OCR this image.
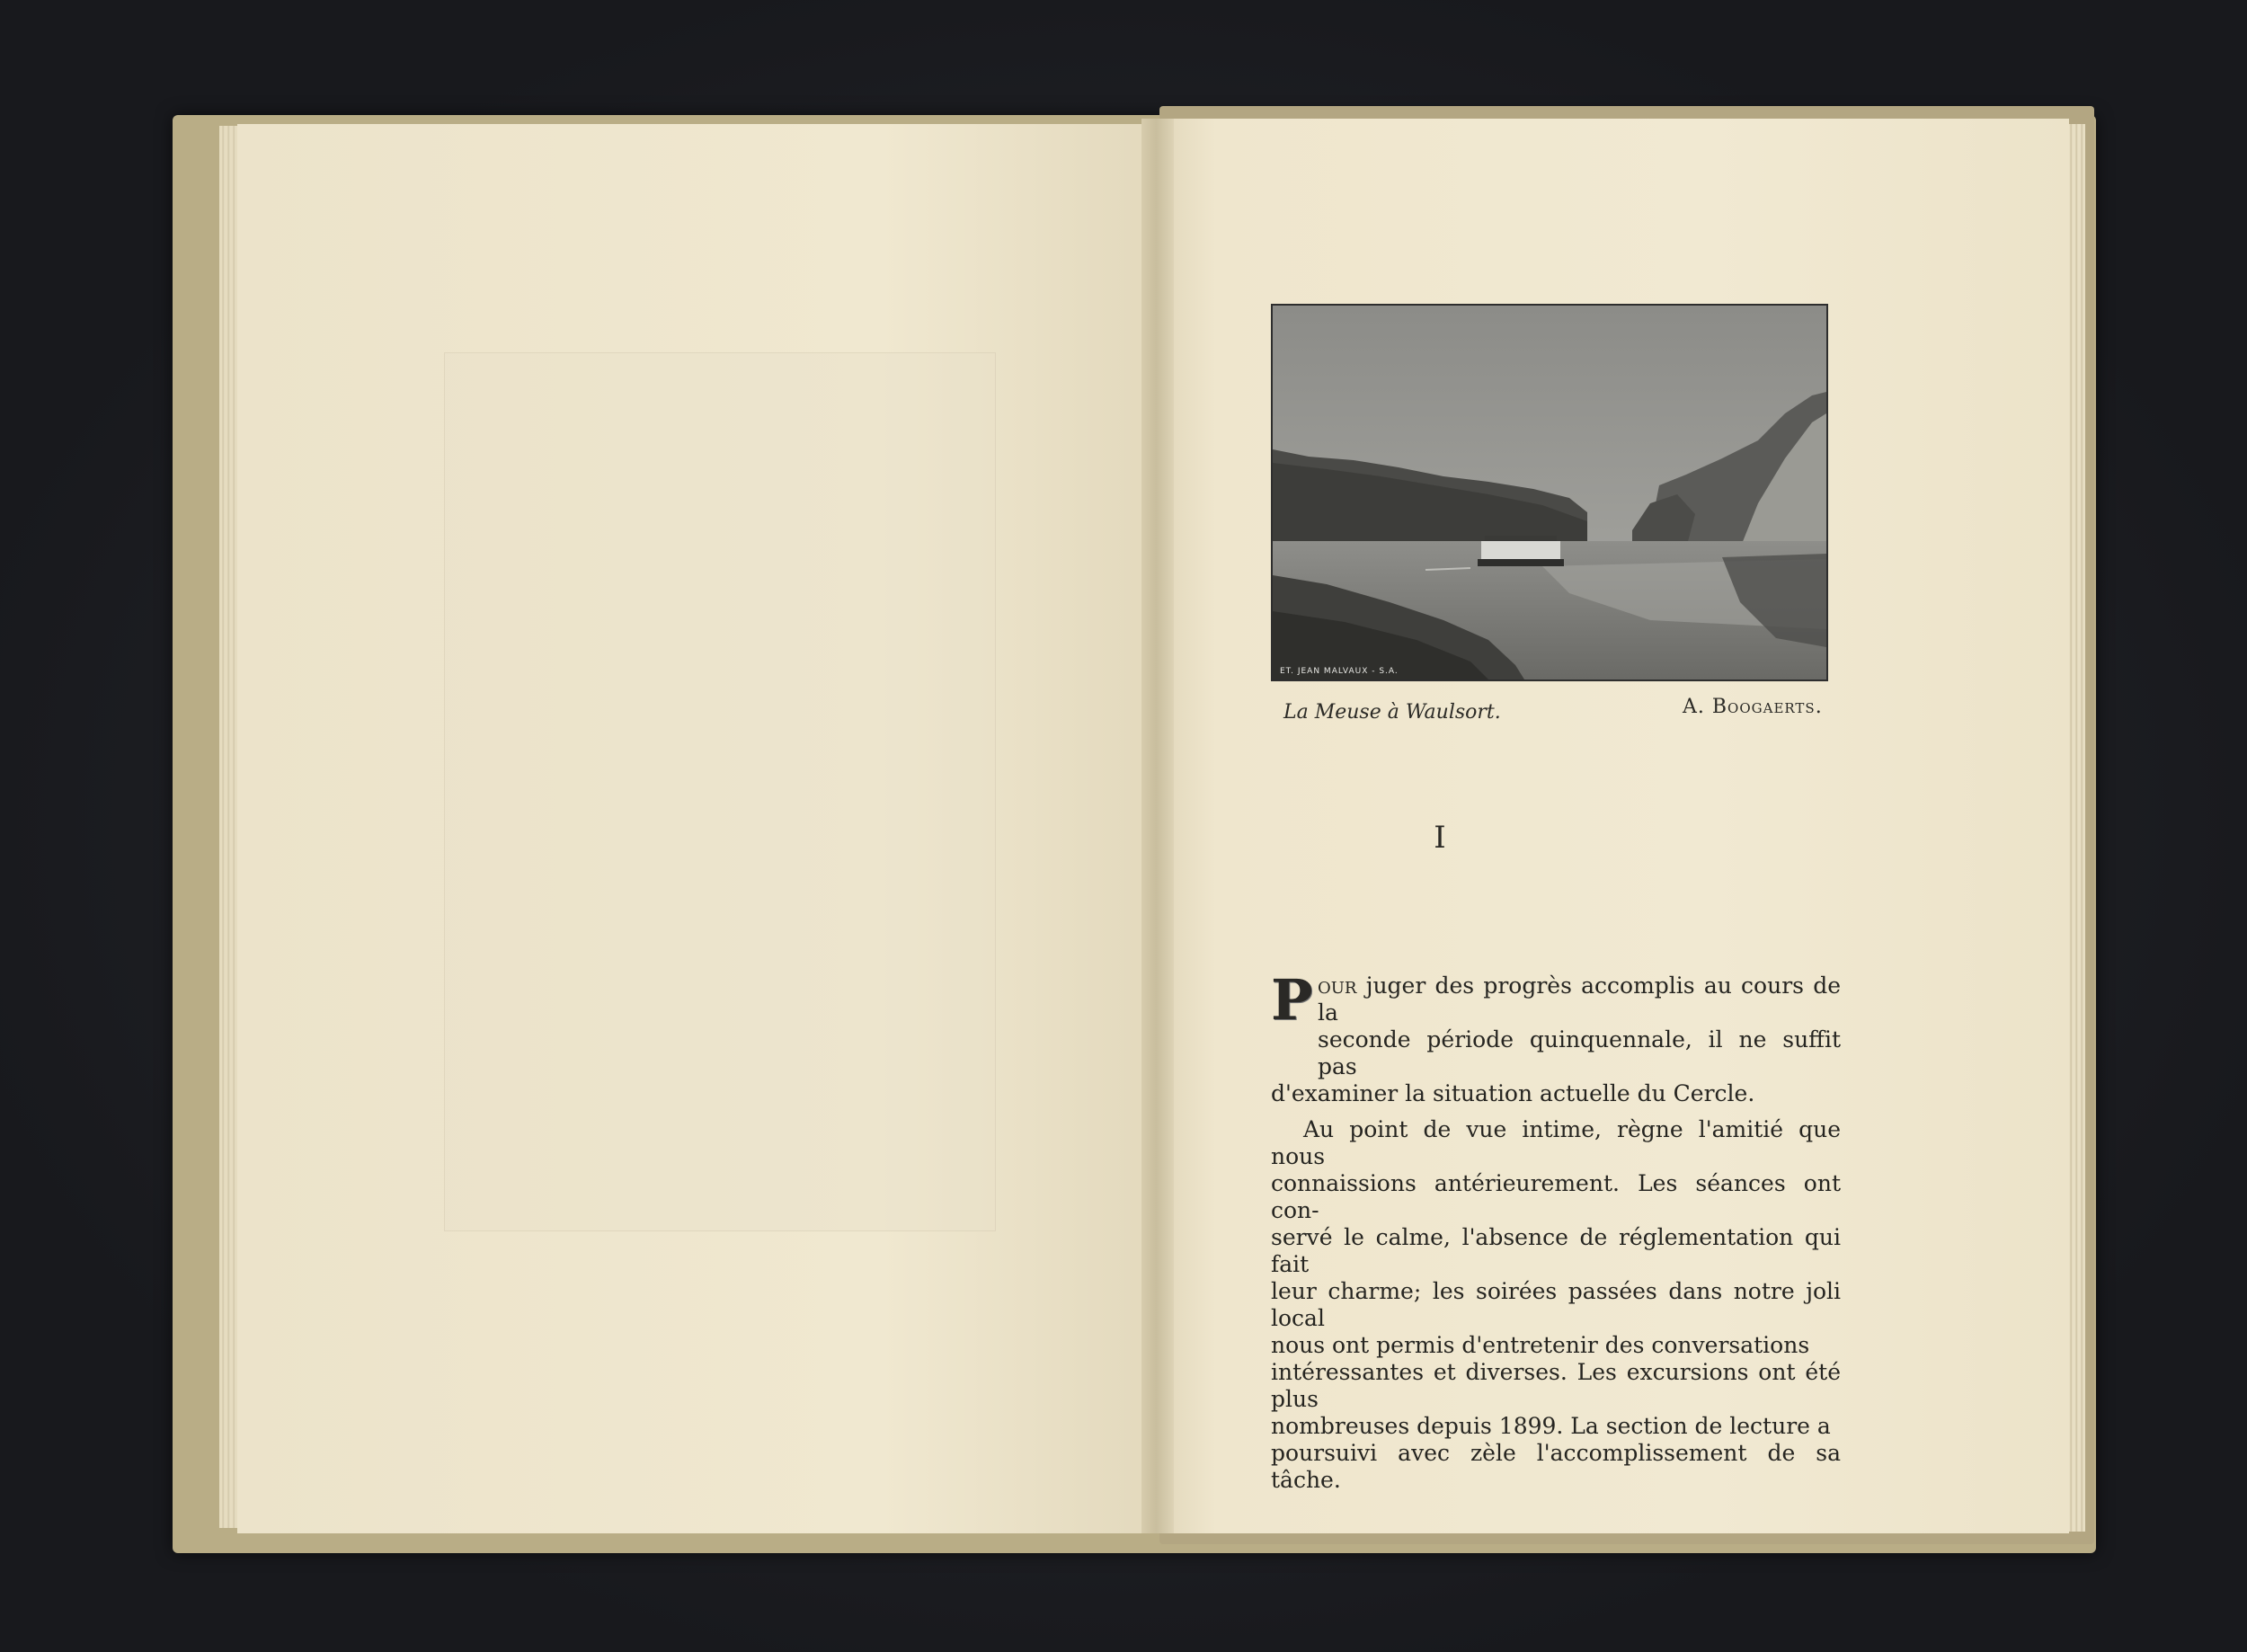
ET. JEAN MALVAUX - S.A.
La Meuse à Waulsort.	A. Boogaerts.
I

P our juger des progrès accomplis au cours de la
seconde période quinquennale, il ne suffit pas
d'examiner la situation actuelle du Cercle.

Au point de vue intime, règne l'amitié que nous
connaissions antérieurement. Les séances ont con-
servé le calme, l'absence de réglementation qui fait
leur charme; les soirées passées dans notre joli local
nous ont permis d'entretenir des conversations
intéressantes et diverses. Les excursions ont été plus
nombreuses depuis 1899. La section de lecture a
poursuivi avec zèle l'accomplissement de sa tâche.
